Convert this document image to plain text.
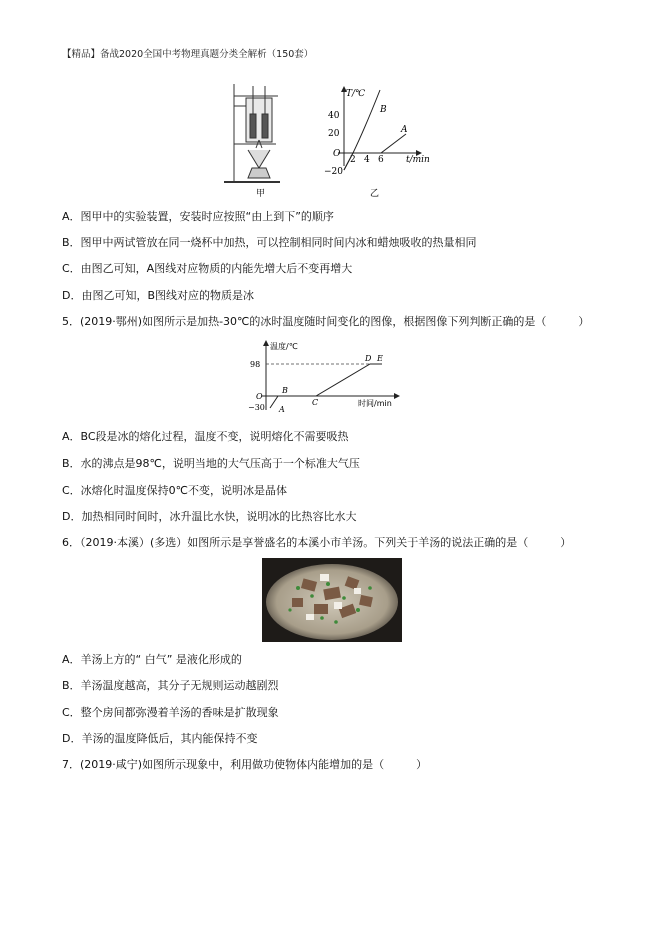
【精品】备战2020全国中考物理真题分类全解析（150套）
甲
T/℃
t/min
40
20
O
−20
2 4 6
B
A
乙
A．图甲中的实验装置，安装时应按照“由上到下”的顺序
B．图甲中两试管放在同一烧杯中加热，可以控制相同时间内冰和蜡烛吸收的热量相同
C．由图乙可知，A图线对应物质的内能先增大后不变再增大
D．由图乙可知，B图线对应的物质是冰
5．(2019·鄂州)如图所示是加热-30℃的冰时温度随时间变化的图像，根据图像下列判断正确的是（	）
温度/℃
时间/min
98
O
−30 A
B
C
D E
A．BC段是冰的熔化过程，温度不变，说明熔化不需要吸热
B．水的沸点是98℃，说明当地的大气压高于一个标准大气压
C．冰熔化时温度保持0℃不变，说明冰是晶体
D．加热相同时间时，冰升温比水快，说明冰的比热容比水大
6．（2019·本溪）(多选）如图所示是享誉盛名的本溪小市羊汤。下列关于羊汤的说法正确的是（	）
A．羊汤上方的“ 白气” 是液化形成的
B．羊汤温度越高，其分子无规则运动越剧烈
C．整个房间都弥漫着羊汤的香味是扩散现象
D．羊汤的温度降低后，其内能保持不变
7．(2019·咸宁)如图所示现象中，利用做功使物体内能增加的是（	）
